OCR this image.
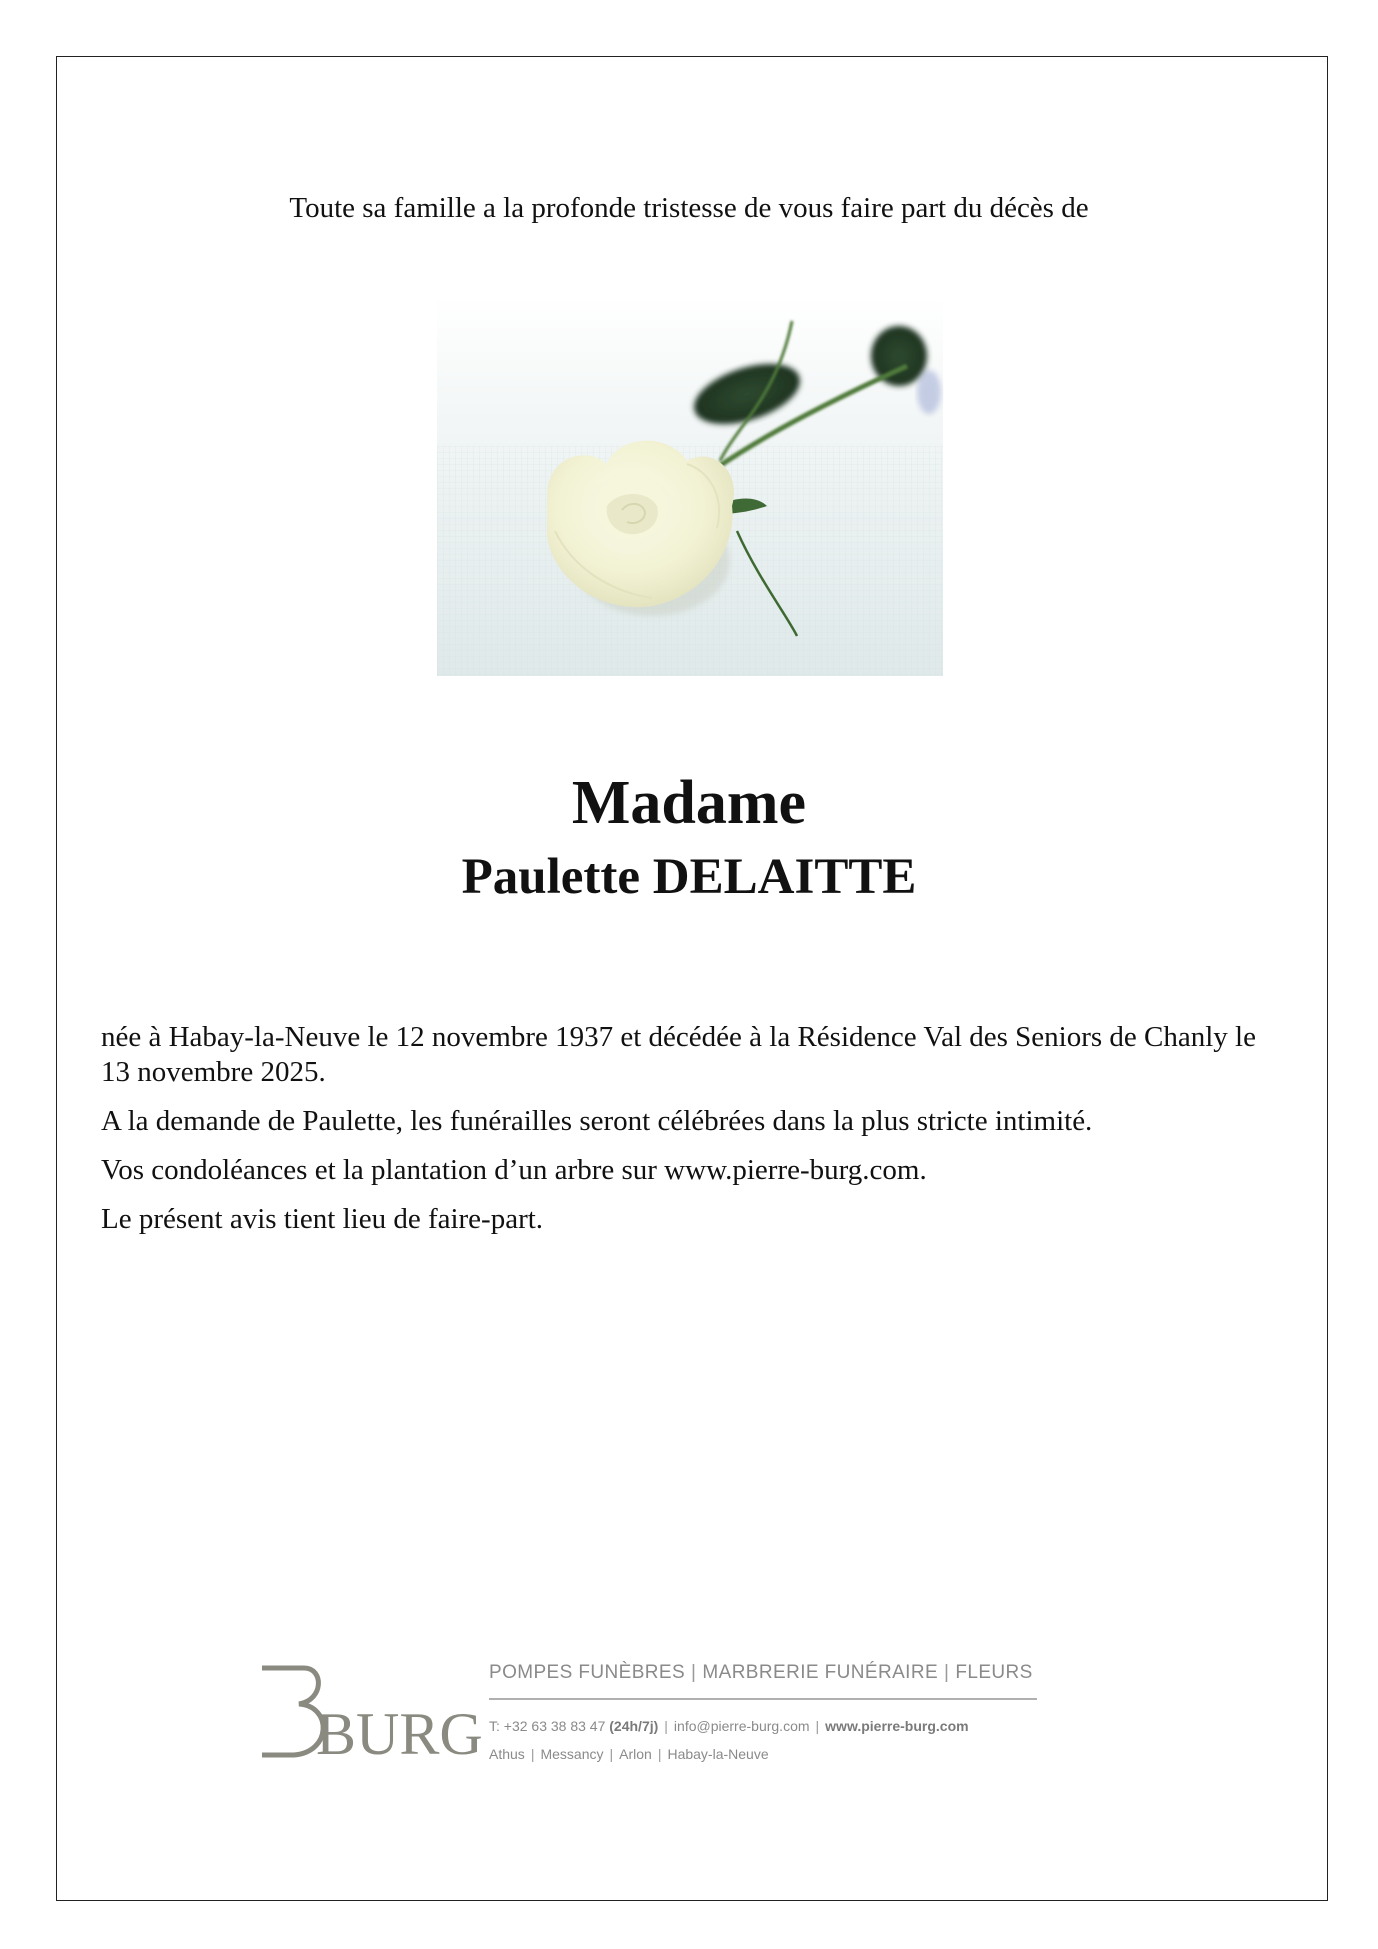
Toute sa famille a la profonde tristesse de vous faire part du décès de
Madame
Paulette DELAITTE

née à Habay-la-Neuve le 12 novembre 1937 et décédée à la Résidence Val des Seniors de Chanly le 13 novembre 2025.

A la demande de Paulette, les funérailles seront célébrées dans la plus stricte intimité.

Vos condoléances et la plantation d’un arbre sur www.pierre-burg.com.

Le présent avis tient lieu de faire-part.

BURG
POMPES FUNÈBRES | MARBRERIE FUNÉRAIRE | FLEURS
T: +32 63 38 83 47 (24h/7j) | info@pierre-burg.com | www.pierre-burg.com
Athus | Messancy | Arlon | Habay-la-Neuve
